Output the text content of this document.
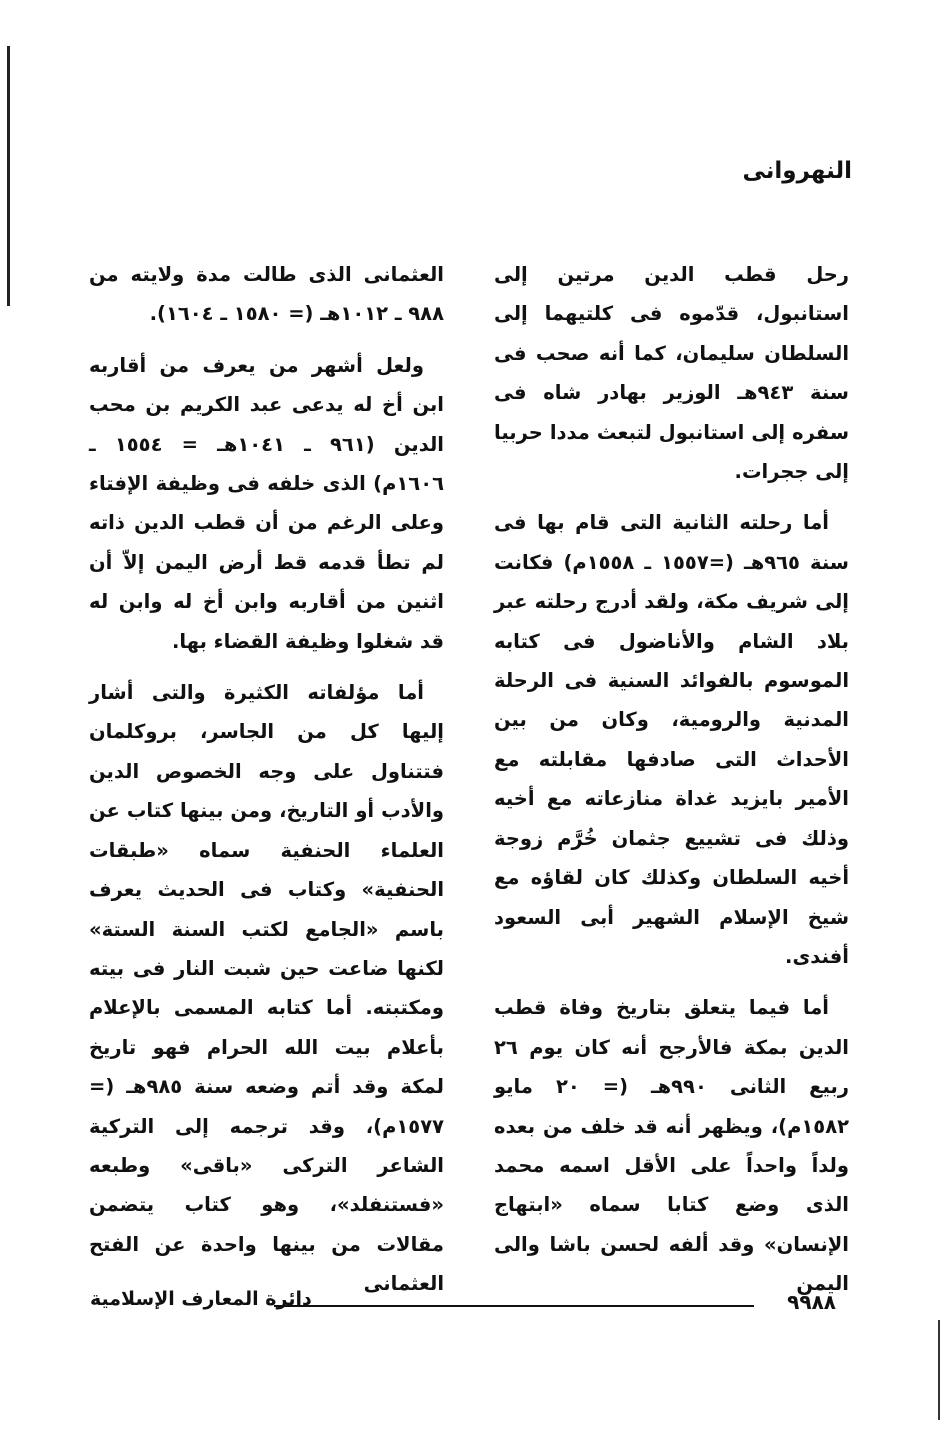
النهروانى

رحل قطب الدين مرتين إلى استانبول، قدّموه فى كلتيهما إلى السلطان سليمان، كما أنه صحب فى سنة ٩٤٣هـ الوزير بهادر شاه فى سفره إلى استانبول لتبعث مددا حربيا إلى ججرات.

أما رحلته الثانية التى قام بها فى سنة ٩٦٥هـ (=١٥٥٧ ـ ١٥٥٨م) فكانت إلى شريف مكة، ولقد أدرج رحلته عبر بلاد الشام والأناضول فى كتابه الموسوم بالفوائد السنية فى الرحلة المدنية والرومية، وكان من بين الأحداث التى صادفها مقابلته مع الأمير بايزيد غداة منازعاته مع أخيه وذلك فى تشييع جثمان خُرَّم زوجة أخيه السلطان وكذلك كان لقاؤه مع شيخ الإسلام الشهير أبى السعود أفندى.

أما فيما يتعلق بتاريخ وفاة قطب الدين بمكة فالأرجح أنه كان يوم ٢٦ ربيع الثانى ٩٩٠هـ (= ٢٠ مايو ١٥٨٢م)، ويظهر أنه قد خلف من بعده ولداً واحداً على الأقل اسمه محمد الذى وضع كتابا سماه «ابتهاج الإنسان» وقد ألفه لحسن باشا والى اليمن

العثمانى الذى طالت مدة ولايته من ٩٨٨ ـ ١٠١٢هـ (= ١٥٨٠ ـ ١٦٠٤).

ولعل أشهر من يعرف من أقاربه ابن أخ له يدعى عبد الكريم بن محب الدين (٩٦١ ـ ١٠٤١هـ = ١٥٥٤ ـ ١٦٠٦م) الذى خلفه فى وظيفة الإفتاء وعلى الرغم من أن قطب الدين ذاته لم تطأ قدمه قط أرض اليمن إلاّ أن اثنين من أقاربه وابن أخ له وابن له قد شغلوا وظيفة القضاء بها.

أما مؤلفاته الكثيرة والتى أشار إليها كل من الجاسر، بروكلمان فتتناول على وجه الخصوص الدين والأدب أو التاريخ، ومن بينها كتاب عن العلماء الحنفية سماه «طبقات الحنفية» وكتاب فى الحديث يعرف باسم «الجامع لكتب السنة الستة» لكنها ضاعت حين شبت النار فى بيته ومكتبته. أما كتابه المسمى بالإعلام بأعلام بيت الله الحرام فهو تاريخ لمكة وقد أتم وضعه سنة ٩٨٥هـ (= ١٥٧٧م)، وقد ترجمه إلى التركية الشاعر التركى «باقى» وطبعه «فستنفلد»، وهو كتاب يتضمن مقالات من بينها واحدة عن الفتح العثمانى

٩٩٨٨
دائرة المعارف الإسلامية
